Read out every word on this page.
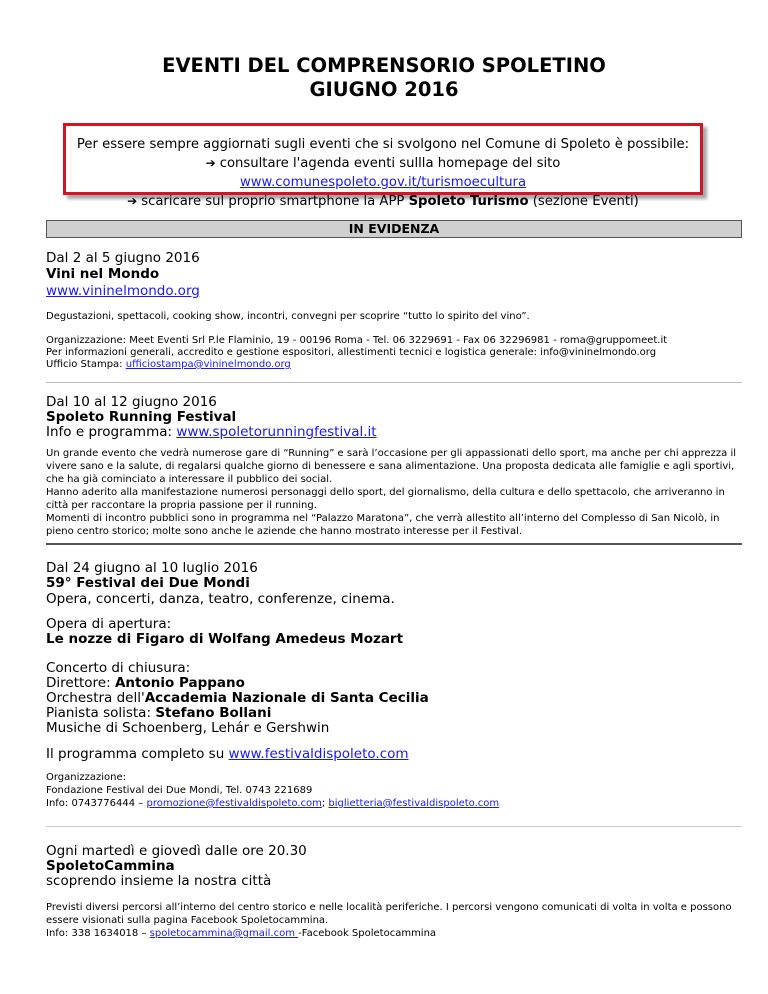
EVENTI DEL COMPRENSORIO SPOLETINO
GIUGNO 2016
Per essere sempre aggiornati sugli eventi che si svolgono nel Comune di Spoleto è possibile:
➔ consultare l'agenda eventi sullla homepage del sito www.comunespoleto.gov.it/turismoecultura
➔ scaricare sul proprio smartphone la APP Spoleto Turismo (sezione Eventi)
IN EVIDENZA
Dal 2 al 5 giugno 2016
Vini nel Mondo
www.vininelmondo.org
Degustazioni, spettacoli, cooking show, incontri, convegni per scoprire “tutto lo spirito del vino”.
Organizzazione: Meet Eventi Srl P.le Flaminio, 19 - 00196 Roma - Tel. 06 3229691 - Fax 06 32296981 - roma@gruppomeet.it
Per informazioni generali, accredito e gestione espositori, allestimenti tecnici e logistica generale: info@vininelmondo.org
Ufficio Stampa: ufficiostampa@vininelmondo.org
Dal 10 al 12 giugno 2016
Spoleto Running Festival
Info e programma: www.spoletorunningfestival.it
Un grande evento che vedrà numerose gare di “Running” e sarà l’occasione per gli appassionati dello sport, ma anche per chi apprezza il vivere sano e la salute, di regalarsi qualche giorno di benessere e sana alimentazione. Una proposta dedicata alle famiglie e agli sportivi, che ha già cominciato a interessare il pubblico dei social.
Hanno aderito alla manifestazione numerosi personaggi dello sport, del giornalismo, della cultura e dello spettacolo, che arriveranno in città per raccontare la propria passione per il running.
Momenti di incontro pubblici sono in programma nel “Palazzo Maratona”, che verrà allestito all’interno del Complesso di San Nicolò, in pieno centro storico; molte sono anche le aziende che hanno mostrato interesse per il Festival.
Dal 24 giugno al 10 luglio 2016
59° Festival dei Due Mondi
Opera, concerti, danza, teatro, conferenze, cinema.
Opera di apertura:
Le nozze di Figaro di Wolfang Amedeus Mozart
Concerto di chiusura:
Direttore: Antonio Pappano
Orchestra dell'Accademia Nazionale di Santa Cecilia
Pianista solista: Stefano Bollani
Musiche di Schoenberg, Lehár e Gershwin
Il programma completo su www.festivaldispoleto.com
Organizzazione:
Fondazione Festival dei Due Mondi, Tel. 0743 221689
Info: 0743776444 – promozione@festivaldispoleto.com; biglietteria@festivaldispoleto.com
Ogni martedì e giovedì dalle ore 20.30
SpoletoCammina
scoprendo insieme la nostra città
Previsti diversi percorsi all’interno del centro storico e nelle località periferiche. I percorsi vengono comunicati di volta in volta e possono essere visionati sulla pagina Facebook Spoletocammina.
Info: 338 1634018 – spoletocammina@gmail.com -Facebook Spoletocammina
